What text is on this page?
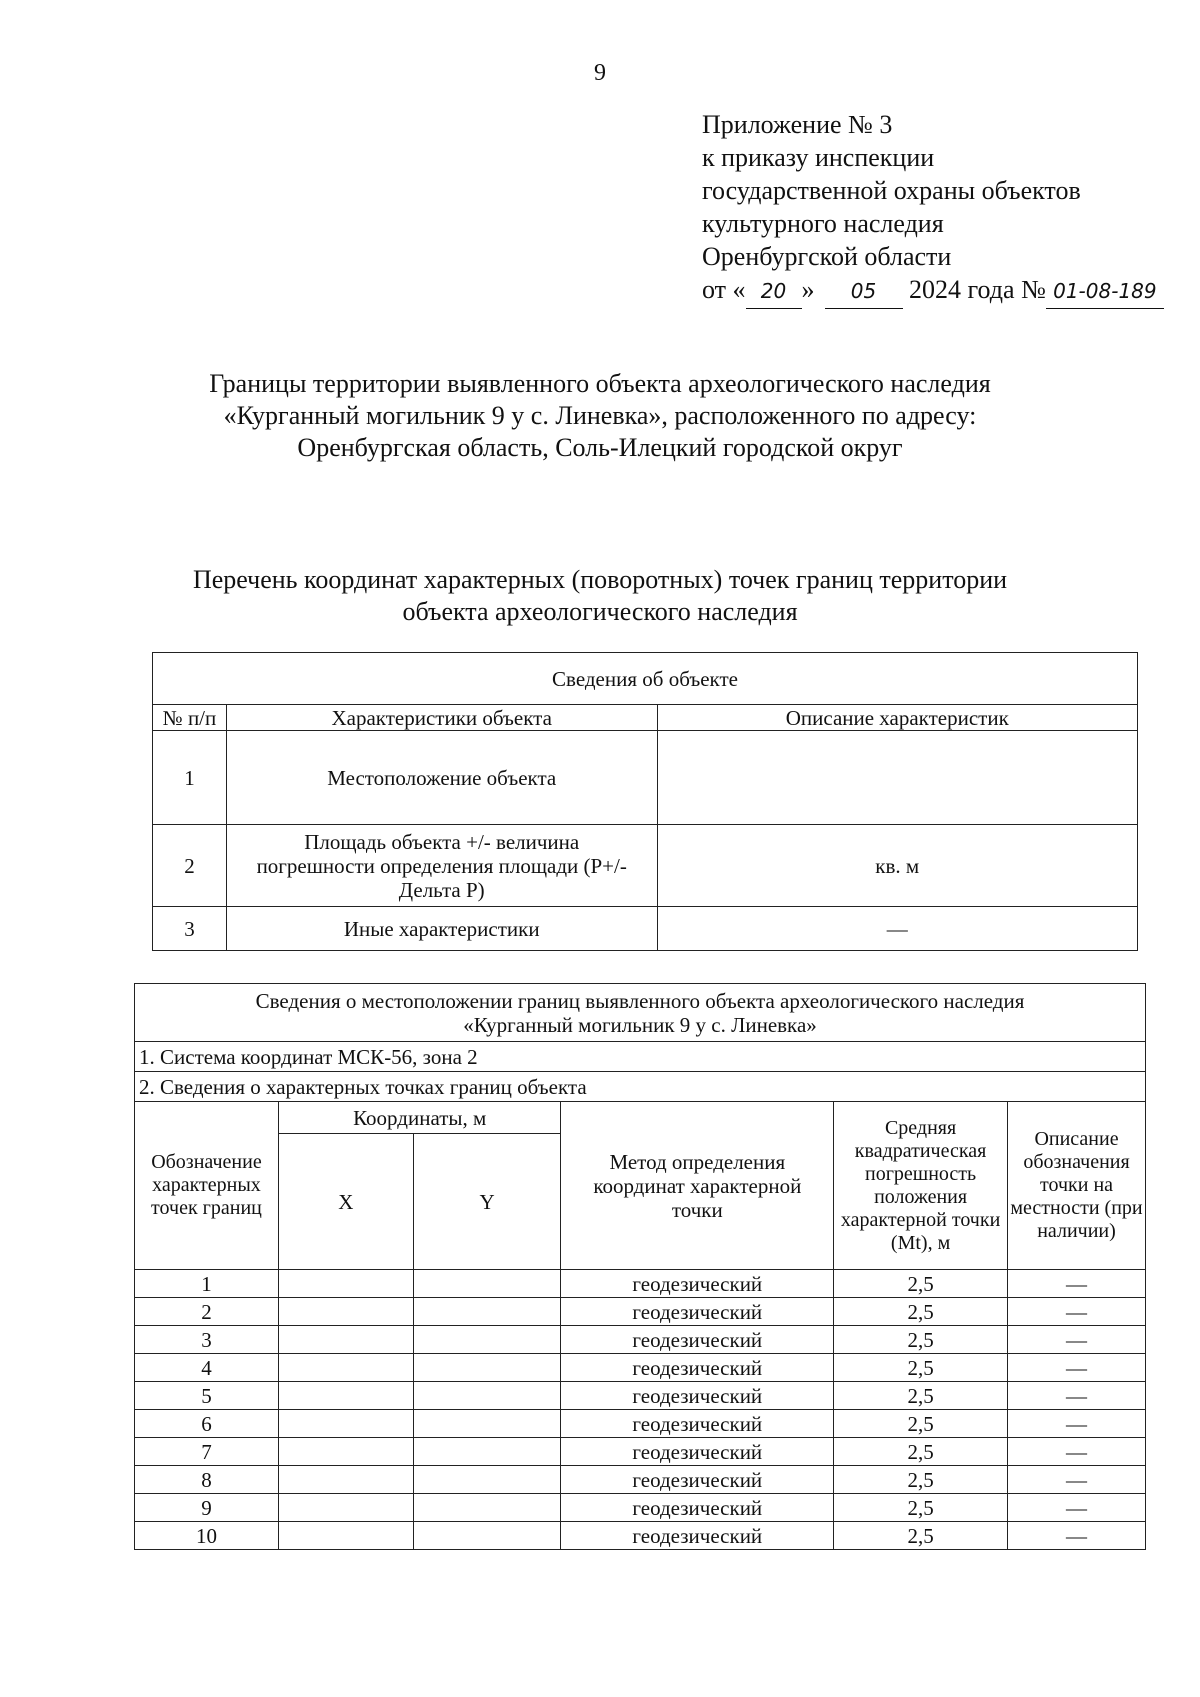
9
Приложение № 3
к приказу инспекции
государственной охраны объектов
культурного наследия
Оренбургской области
от « 20 » 05 2024 года № 01-08-189
Границы территории выявленного объекта археологического наследия
«Курганный могильник 9 у с. Линевка», расположенного по адресу:
Оренбургская область, Соль-Илецкий городской округ
Перечень координат характерных (поворотных) точек границ территории
объекта археологического наследия
Сведения об объекте		
№ п/п	Характеристики объекта	Описание характеристик
1	Местоположение объекта	
2	Площадь объекта +/- величина погрешности определения площади (Р+/- Дельта Р)	кв. м
3	Иные характеристики	—
Сведения о местоположении границ выявленного объекта археологического наследия
«Курганный могильник 9 у с. Линевка»					

1. Система координат МСК-56, зона 2					
2. Сведения о характерных точках границ объекта					
Обозначение характерных точек границ	Координаты, м		Метод определения координат характерной точки	Средняя квадратическая погрешность положения характерной точки (Mt), м	Описание обозначения точки на местности (при наличии)
	X	Y			
1			геодезический	2,5	—
2			геодезический	2,5	—
3			геодезический	2,5	—
4			геодезический	2,5	—
5			геодезический	2,5	—
6			геодезический	2,5	—
7			геодезический	2,5	—
8			геодезический	2,5	—
9			геодезический	2,5	—
10			геодезический	2,5	—
